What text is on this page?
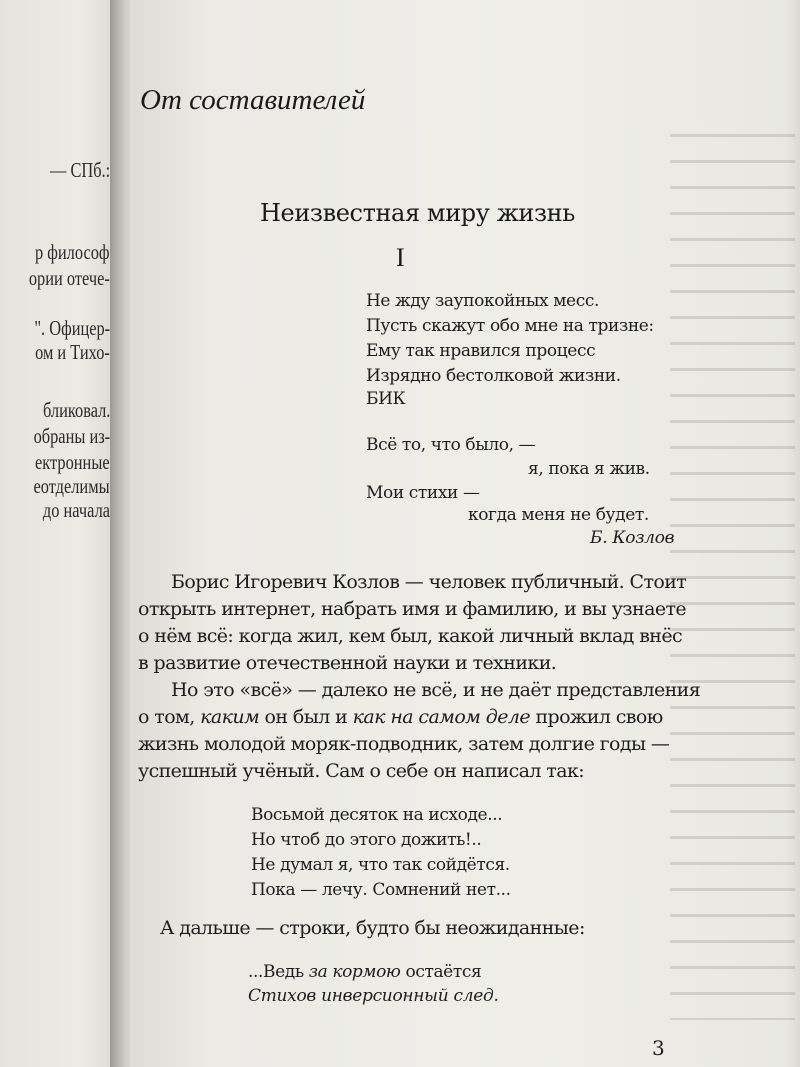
— СПб.:
р философ
ории отече-
". Офицер-
ом и Тихо-
бликовал.
обраны из-
ектронные
еотделимы
до начала
От составителей
Неизвестная миру жизнь
I
Не жду заупокойных месс.
Пусть скажут обо мне на тризне:
Ему так нравился процесс
Изрядно бестолковой жизни.
БИК
Всё то, что было, —
я, пока я жив.
Мои стихи —
когда меня не будет.
Б. Козлов
Борис Игоревич Козлов — человек публичный. Стоит
открыть интернет, набрать имя и фамилию, и вы узнаете
о нём всё: когда жил, кем был, какой личный вклад внёс
в развитие отечественной науки и техники.
Но это «всё» — далеко не всё, и не даёт представления
о том, каким он был и как на самом деле прожил свою
жизнь молодой моряк-подводник, затем долгие годы —
успешный учёный. Сам о себе он написал так:
Восьмой десяток на исходе...
Но чтоб до этого дожить!..
Не думал я, что так сойдётся.
Пока — лечу. Сомнений нет...
А дальше — строки, будто бы неожиданные:
...Ведь за кормою остаётся
Стихов инверсионный след.
3
